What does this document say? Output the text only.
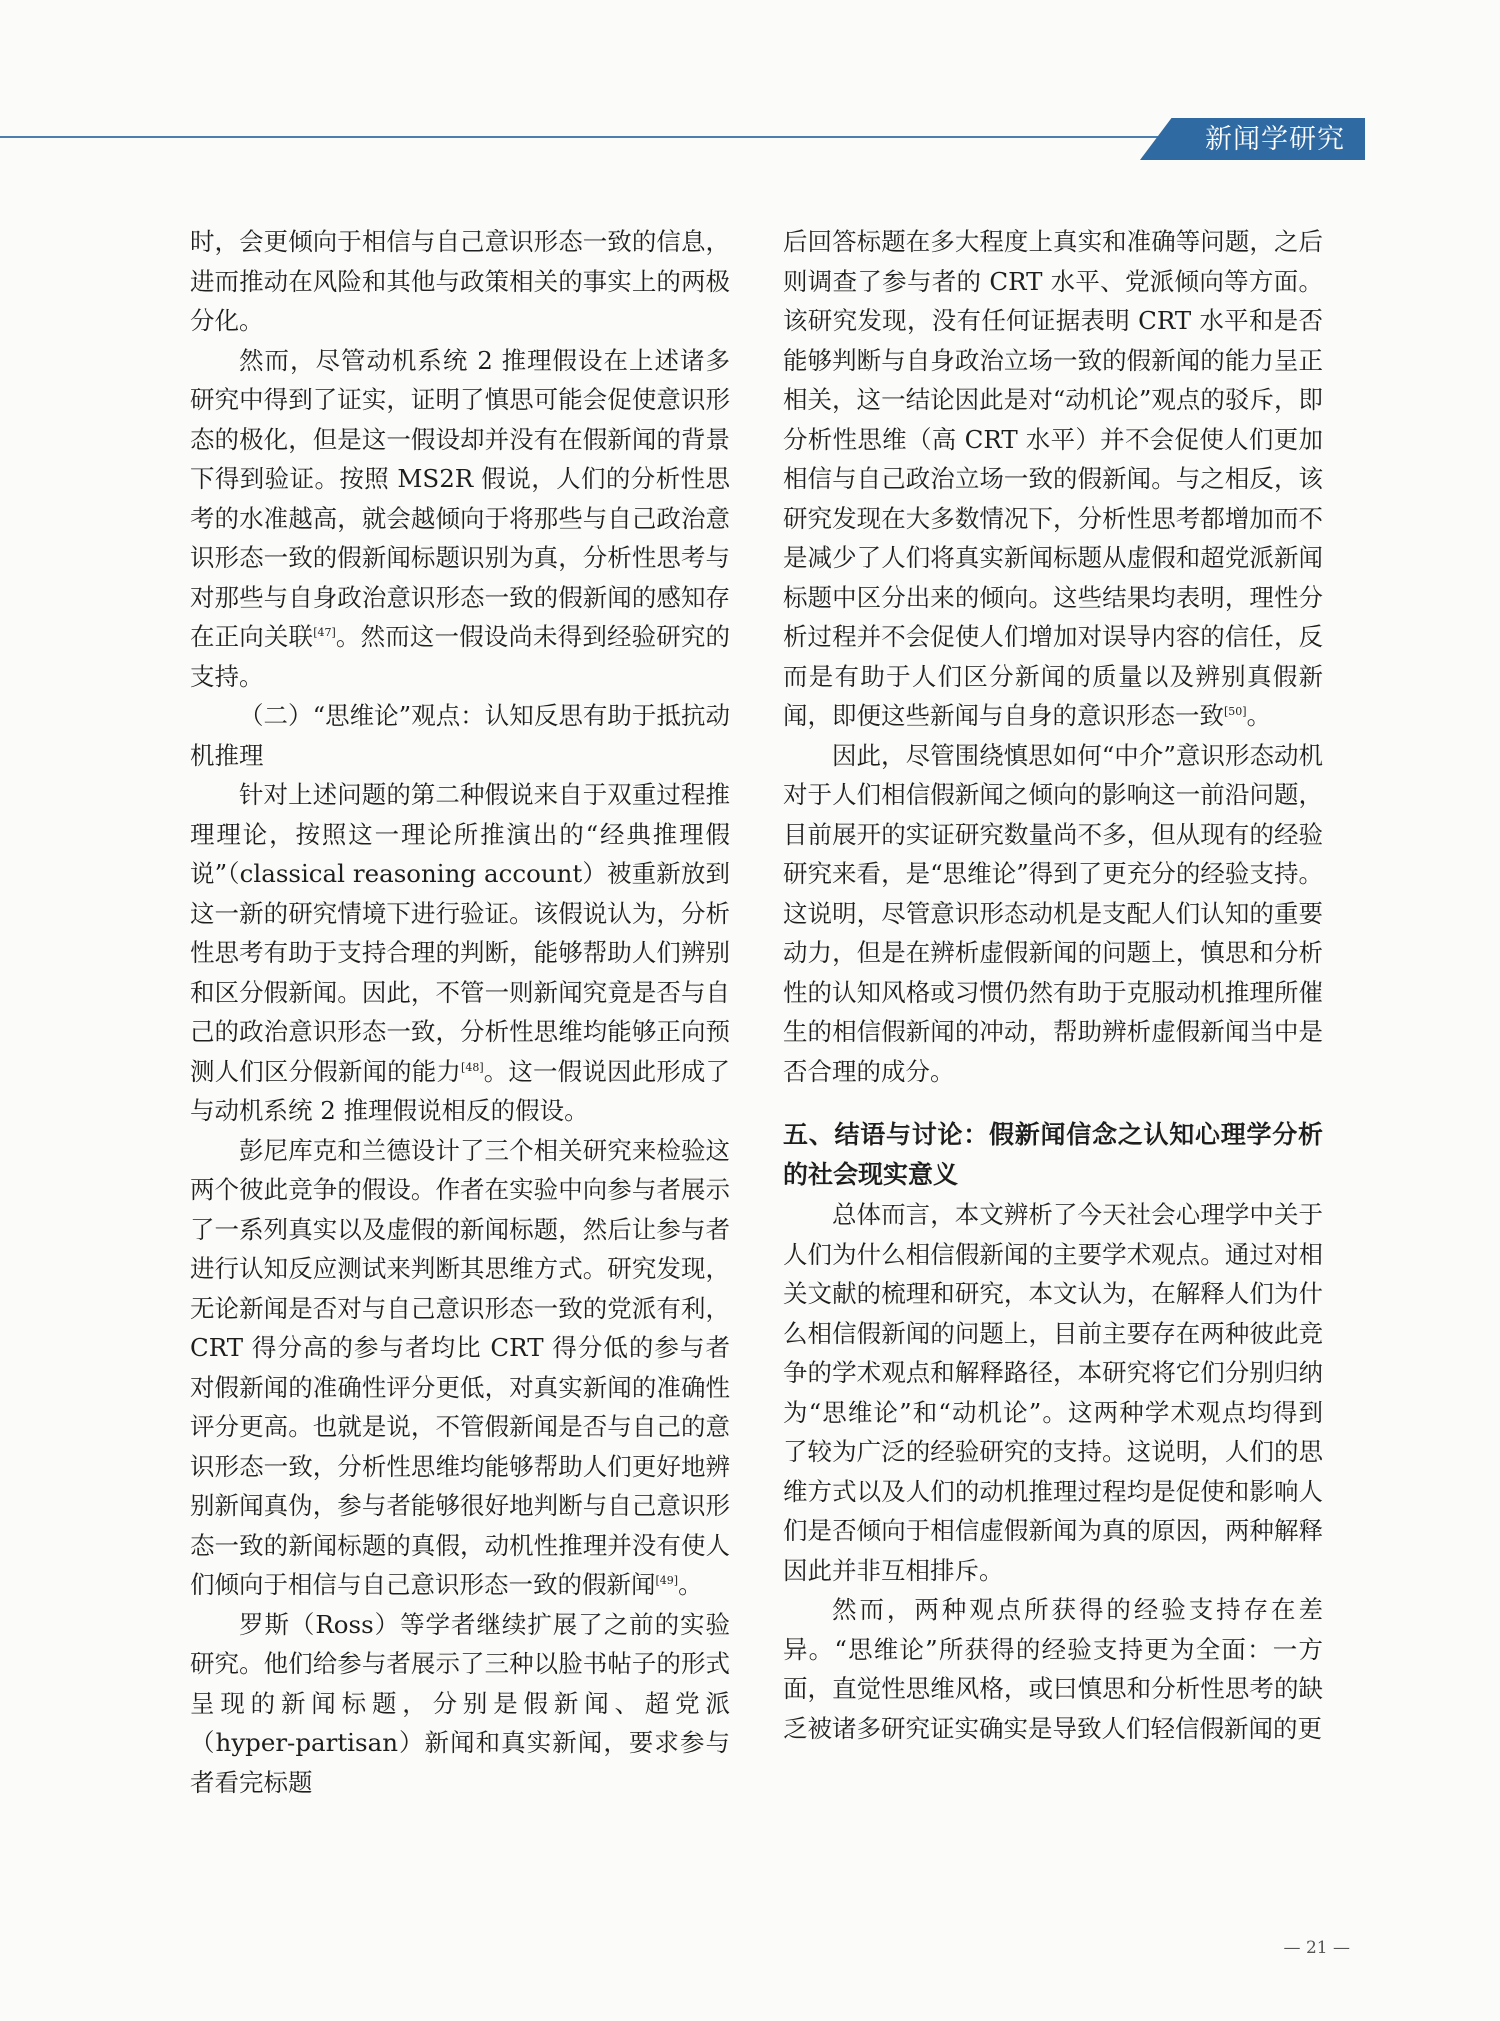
新闻学研究

时，会更倾向于相信与自己意识形态一致的信息，进而推动在风险和其他与政策相关的事实上的两极分化。

然而，尽管动机系统 2 推理假设在上述诸多研究中得到了证实，证明了慎思可能会促使意识形态的极化，但是这一假设却并没有在假新闻的背景下得到验证。按照 MS2R 假说，人们的分析性思考的水准越高，就会越倾向于将那些与自己政治意识形态一致的假新闻标题识别为真，分析性思考与对那些与自身政治意识形态一致的假新闻的感知存在正向关联[47]。然而这一假设尚未得到经验研究的支持。

（二）“思维论”观点：认知反思有助于抵抗动机推理

针对上述问题的第二种假说来自于双重过程推理理论，按照这一理论所推演出的“经典推理假说”（classical reasoning account）被重新放到这一新的研究情境下进行验证。该假说认为，分析性思考有助于支持合理的判断，能够帮助人们辨别和区分假新闻。因此，不管一则新闻究竟是否与自己的政治意识形态一致，分析性思维均能够正向预测人们区分假新闻的能力[48]。这一假说因此形成了与动机系统 2 推理假说相反的假设。

彭尼库克和兰德设计了三个相关研究来检验这两个彼此竞争的假设。作者在实验中向参与者展示了一系列真实以及虚假的新闻标题，然后让参与者进行认知反应测试来判断其思维方式。研究发现，无论新闻是否对与自己意识形态一致的党派有利，CRT 得分高的参与者均比 CRT 得分低的参与者对假新闻的准确性评分更低，对真实新闻的准确性评分更高。也就是说，不管假新闻是否与自己的意识形态一致，分析性思维均能够帮助人们更好地辨别新闻真伪，参与者能够很好地判断与自己意识形态一致的新闻标题的真假，动机性推理并没有使人们倾向于相信与自己意识形态一致的假新闻[49]。

罗斯（Ross）等学者继续扩展了之前的实验研究。他们给参与者展示了三种以脸书帖子的形式呈现的新闻标题，分别是假新闻、超党派（hyper-partisan）新闻和真实新闻，要求参与者看完标题

后回答标题在多大程度上真实和准确等问题，之后则调查了参与者的 CRT 水平、党派倾向等方面。该研究发现，没有任何证据表明 CRT 水平和是否能够判断与自身政治立场一致的假新闻的能力呈正相关，这一结论因此是对“动机论”观点的驳斥，即分析性思维（高 CRT 水平）并不会促使人们更加相信与自己政治立场一致的假新闻。与之相反，该研究发现在大多数情况下，分析性思考都增加而不是减少了人们将真实新闻标题从虚假和超党派新闻标题中区分出来的倾向。这些结果均表明，理性分析过程并不会促使人们增加对误导内容的信任，反而是有助于人们区分新闻的质量以及辨别真假新闻，即便这些新闻与自身的意识形态一致[50]。

因此，尽管围绕慎思如何“中介”意识形态动机对于人们相信假新闻之倾向的影响这一前沿问题，目前展开的实证研究数量尚不多，但从现有的经验研究来看，是“思维论”得到了更充分的经验支持。这说明，尽管意识形态动机是支配人们认知的重要动力，但是在辨析虚假新闻的问题上，慎思和分析性的认知风格或习惯仍然有助于克服动机推理所催生的相信假新闻的冲动，帮助辨析虚假新闻当中是否合理的成分。

五、结语与讨论：假新闻信念之认知心理学分析的社会现实意义

总体而言，本文辨析了今天社会心理学中关于人们为什么相信假新闻的主要学术观点。通过对相关文献的梳理和研究，本文认为，在解释人们为什么相信假新闻的问题上，目前主要存在两种彼此竞争的学术观点和解释路径，本研究将它们分别归纳为“思维论”和“动机论”。这两种学术观点均得到了较为广泛的经验研究的支持。这说明，人们的思维方式以及人们的动机推理过程均是促使和影响人们是否倾向于相信虚假新闻为真的原因，两种解释因此并非互相排斥。

然而，两种观点所获得的经验支持存在差异。“思维论”所获得的经验支持更为全面：一方面，直觉性思维风格，或曰慎思和分析性思考的缺乏被诸多研究证实确实是导致人们轻信假新闻的更

— 21 —
